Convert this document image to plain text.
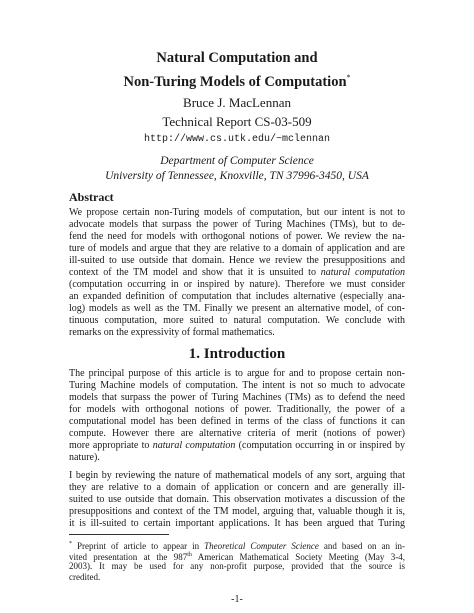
Natural Computation and
Non-Turing Models of Computation*
Bruce J. MacLennan
Technical Report CS-03-509
http://www.cs.utk.edu/~mclennan
Department of Computer Science
University of Tennessee, Knoxville, TN 37996-3450, USA
Abstract
We propose certain non-Turing models of computation, but our intent is not to
advocate models that surpass the power of Turing Machines (TMs), but to de-
fend the need for models with orthogonal notions of power. We review the na-
ture of models and argue that they are relative to a domain of application and are
ill-suited to use outside that domain. Hence we review the presuppositions and
context of the TM model and show that it is unsuited to natural computation
(computation occurring in or inspired by nature). Therefore we must consider
an expanded definition of computation that includes alternative (especially ana-
log) models as well as the TM. Finally we present an alternative model, of con-
tinuous computation, more suited to natural computation. We conclude with
remarks on the expressivity of formal mathematics.
1. Introduction
The principal purpose of this article is to argue for and to propose certain non-
Turing Machine models of computation. The intent is not so much to advocate
models that surpass the power of Turing Machines (TMs) as to defend the need
for models with orthogonal notions of power. Traditionally, the power of a
computational model has been defined in terms of the class of functions it can
compute. However there are alternative criteria of merit (notions of power)
more appropriate to natural computation (computation occurring in or inspired by
nature).
I begin by reviewing the nature of mathematical models of any sort, arguing that
they are relative to a domain of application or concern and are generally ill-
suited to use outside that domain. This observation motivates a discussion of the
presuppositions and context of the TM model, arguing that, valuable though it is,
it is ill-suited to certain important applications. It has been argued that Turing
* Preprint of article to appear in Theoretical Computer Science and based on an in-
vited presentation at the 987th American Mathematical Society Meeting (May 3-4,
2003). It may be used for any non-profit purpose, provided that the source is
credited.
-1-
